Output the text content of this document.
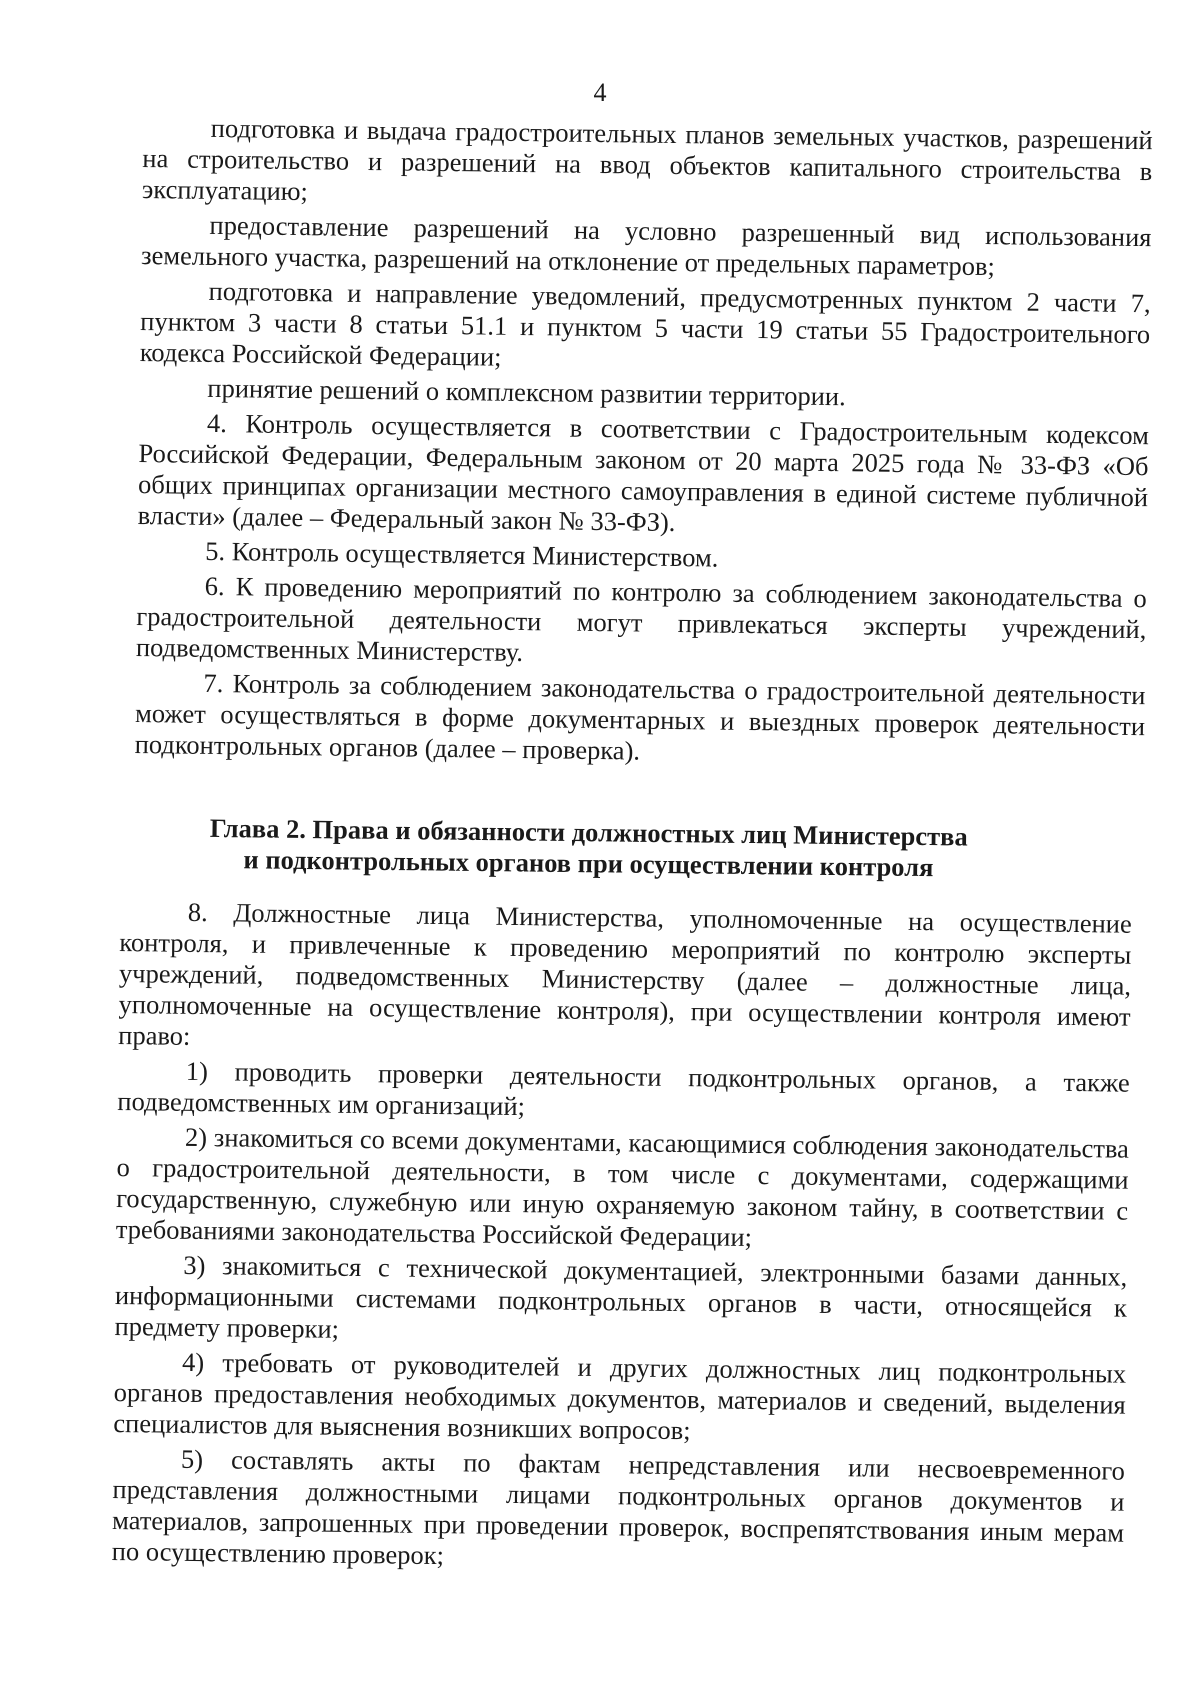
4

подготовка и выдача градостроительных планов земельных участков, разрешений на строительство и разрешений на ввод объектов капитального строительства в эксплуатацию;

предоставление разрешений на условно разрешенный вид использования земельного участка, разрешений на отклонение от предельных параметров;

подготовка и направление уведомлений, предусмотренных пунктом 2 части 7, пунктом 3 части 8 статьи 51.1 и пунктом 5 части 19 статьи 55 Градостроительного кодекса Российской Федерации;

принятие решений о комплексном развитии территории.

4. Контроль осуществляется в соответствии с Градостроительным кодексом Российской Федерации, Федеральным законом от 20 марта 2025 года № 33-ФЗ «Об общих принципах организации местного самоуправления в единой системе публичной власти» (далее – Федеральный закон № 33-ФЗ).

5. Контроль осуществляется Министерством.

6. К проведению мероприятий по контролю за соблюдением законодательства о градостроительной деятельности могут привлекаться эксперты учреждений, подведомственных Министерству.

7. Контроль за соблюдением законодательства о градостроительной деятельности может осуществляться в форме документарных и выездных проверок деятельности подконтрольных органов (далее – проверка).

Глава 2. Права и обязанности должностных лиц Министерства

и подконтрольных органов при осуществлении контроля

8. Должностные лица Министерства, уполномоченные на осуществление контроля, и привлеченные к проведению мероприятий по контролю эксперты учреждений, подведомственных Министерству (далее – должностные лица, уполномоченные на осуществление контроля), при осуществлении контроля имеют право:

1) проводить проверки деятельности подконтрольных органов, а также подведомственных им организаций;

2) знакомиться со всеми документами, касающимися соблюдения законодательства о градостроительной деятельности, в том числе с документами, содержащими государственную, служебную или иную охраняемую законом тайну, в соответствии с требованиями законодательства Российской Федерации;

3) знакомиться с технической документацией, электронными базами данных, информационными системами подконтрольных органов в части, относящейся к предмету проверки;

4) требовать от руководителей и других должностных лиц подконтрольных органов предоставления необходимых документов, материалов и сведений, выделения специалистов для выяснения возникших вопросов;

5) составлять акты по фактам непредставления или несвоевременного представления должностными лицами подконтрольных органов документов и материалов, запрошенных при проведении проверок, воспрепятствования иным мерам по осуществлению проверок;
